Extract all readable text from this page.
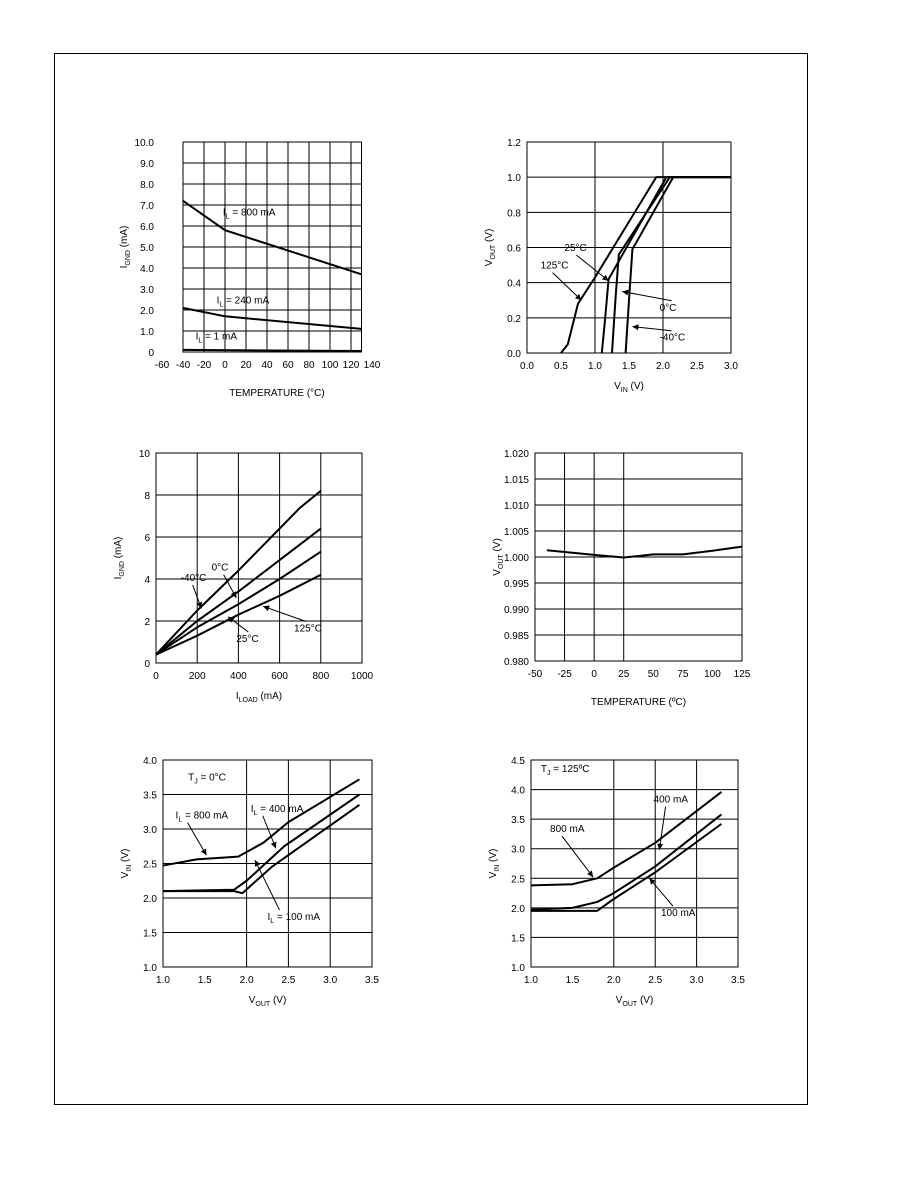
-60 -40 -20 0 20 40 60 80 100 120 140
0
1.0
2.0
3.0
4.0
5.0
6.0
7.0
8.0
9.0
10.0
TEMPERATURE (°C)
$I_{GND}$ (mA)
$I_L = 800$ mA
$I_L = 240$ mA
$I_L = 1$ mA
0.0 0.5 1.0 1.5 2.0 2.5 3.0
0.0
0.2
0.4
0.6
0.8
1.0
1.2
$V_{IN}$ (V)
$V_{OUT}$ (V)
25°C
125°C
0°C
-40°C
0	200 400 600 800 1000
0
2
4
6
8
10
$I_{LOAD}$ (mA)
$I_{GND}$ (mA)
0°C
-40°C
25°C
125°C
-50 -25 0 25 50 75 100 125
0.980
0.985
0.990
0.995
1.000
1.005
1.010
1.015
1.020
TEMPERATURE (ºC)
$V_{OUT}$ (V)
1.0	1.5	2.0	2.5	3.0	3.5
1.0
1.5
2.0
2.5
3.0
3.5
4.0
$V_{OUT}$ (V)
$V_{IN}$ (V)
$T_J = 0^\circ C$
$I_L = 800$ mA
$I_L = 400$ mA
$I_L = 100$ mA
1.0	1.5	2.0	2.5	3.0	3.5
1.0
1.5
2.0
2.5
3.0
3.5
4.0
4.5
$V_{OUT}$ (V)
$V_{IN}$ (V)
$T_J$ = 125ºC
400 mA
800 mA
100 mA
